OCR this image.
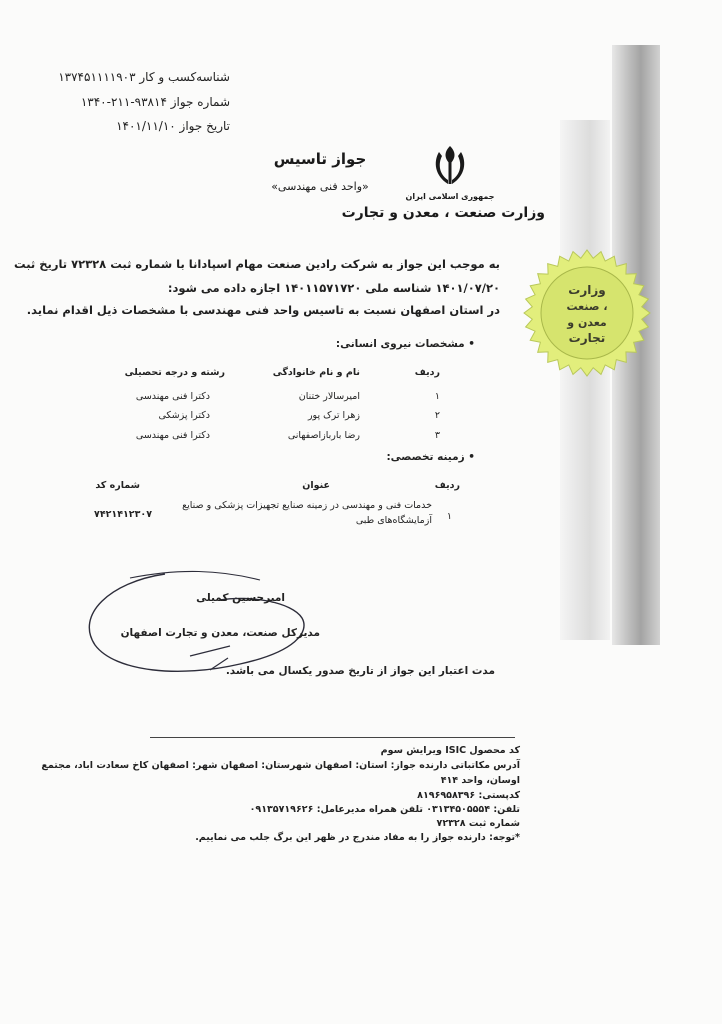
شناسه‌کسب و کار ۱۳۷۴۵۱۱۱۱۹۰۳
شماره جواز ۹۳۸۱۴-۲۱۱-۱۳۴۰
تاریخ جواز ۱۴۰۱/۱۱/۱۰
جواز تاسیس
«واحد فنی مهندسی»
جمهوری اسلامی ایران
وزارت صنعت ، معدن و تجارت
به موجب این جواز به شرکت رادین صنعت مهام اسپادانا با شماره ثبت ۷۲۳۲۸ تاریخ ثبت
۱۴۰۱/۰۷/۲۰ شناسه ملی ۱۴۰۱۱۵۷۱۷۲۰ اجازه داده می شود:
در استان اصفهان نسبت به تاسیس واحد فنی مهندسی با مشخصات ذیل اقدام نماید.
• مشخصات نیروی انسانی:
ردیف
نام و نام خانوادگی
رشته و درجه تحصیلی
۱
امیرسالار ختنان
دکترا فنی مهندسی
۲
زهرا ترک پور
دکترا پزشکی
۳
رضا باربازاصفهانی
دکترا فنی مهندسی
• زمینه تخصصی:
ردیف
عنوان
شماره کد
۱
خدمات فنی و مهندسی در زمینه صنایع تجهیزات پزشکی و صنایع
آزمایشگاه‌های طبی
۷۴۲۱۴۱۲۳۰۷
امیرحسین کمیلی
مدیرکل صنعت، معدن و تجارت اصفهان
مدت اعتبار این جواز از تاریخ صدور یکسال می باشد.
وزارت
صنعت ،
معدن و
تجارت
کد محصول ISIC ویرایش سوم
آدرس مکاتباتی دارنده جواز: استان: اصفهان شهرستان: اصفهان شهر: اصفهان کاخ سعادت اباد، مجتمع
اوسان، واحد ۴۱۴
کدپستی: ۸۱۹۶۹۵۸۳۹۶
تلفن: ۰۳۱۳۴۵۰۵۵۵۴ تلفن همراه مدیرعامل: ۰۹۱۳۵۷۱۹۶۲۶
شماره ثبت ۷۲۳۲۸
*توجه: دارنده جواز را به مفاد مندرج در ظهر این برگ جلب می نماییم.
